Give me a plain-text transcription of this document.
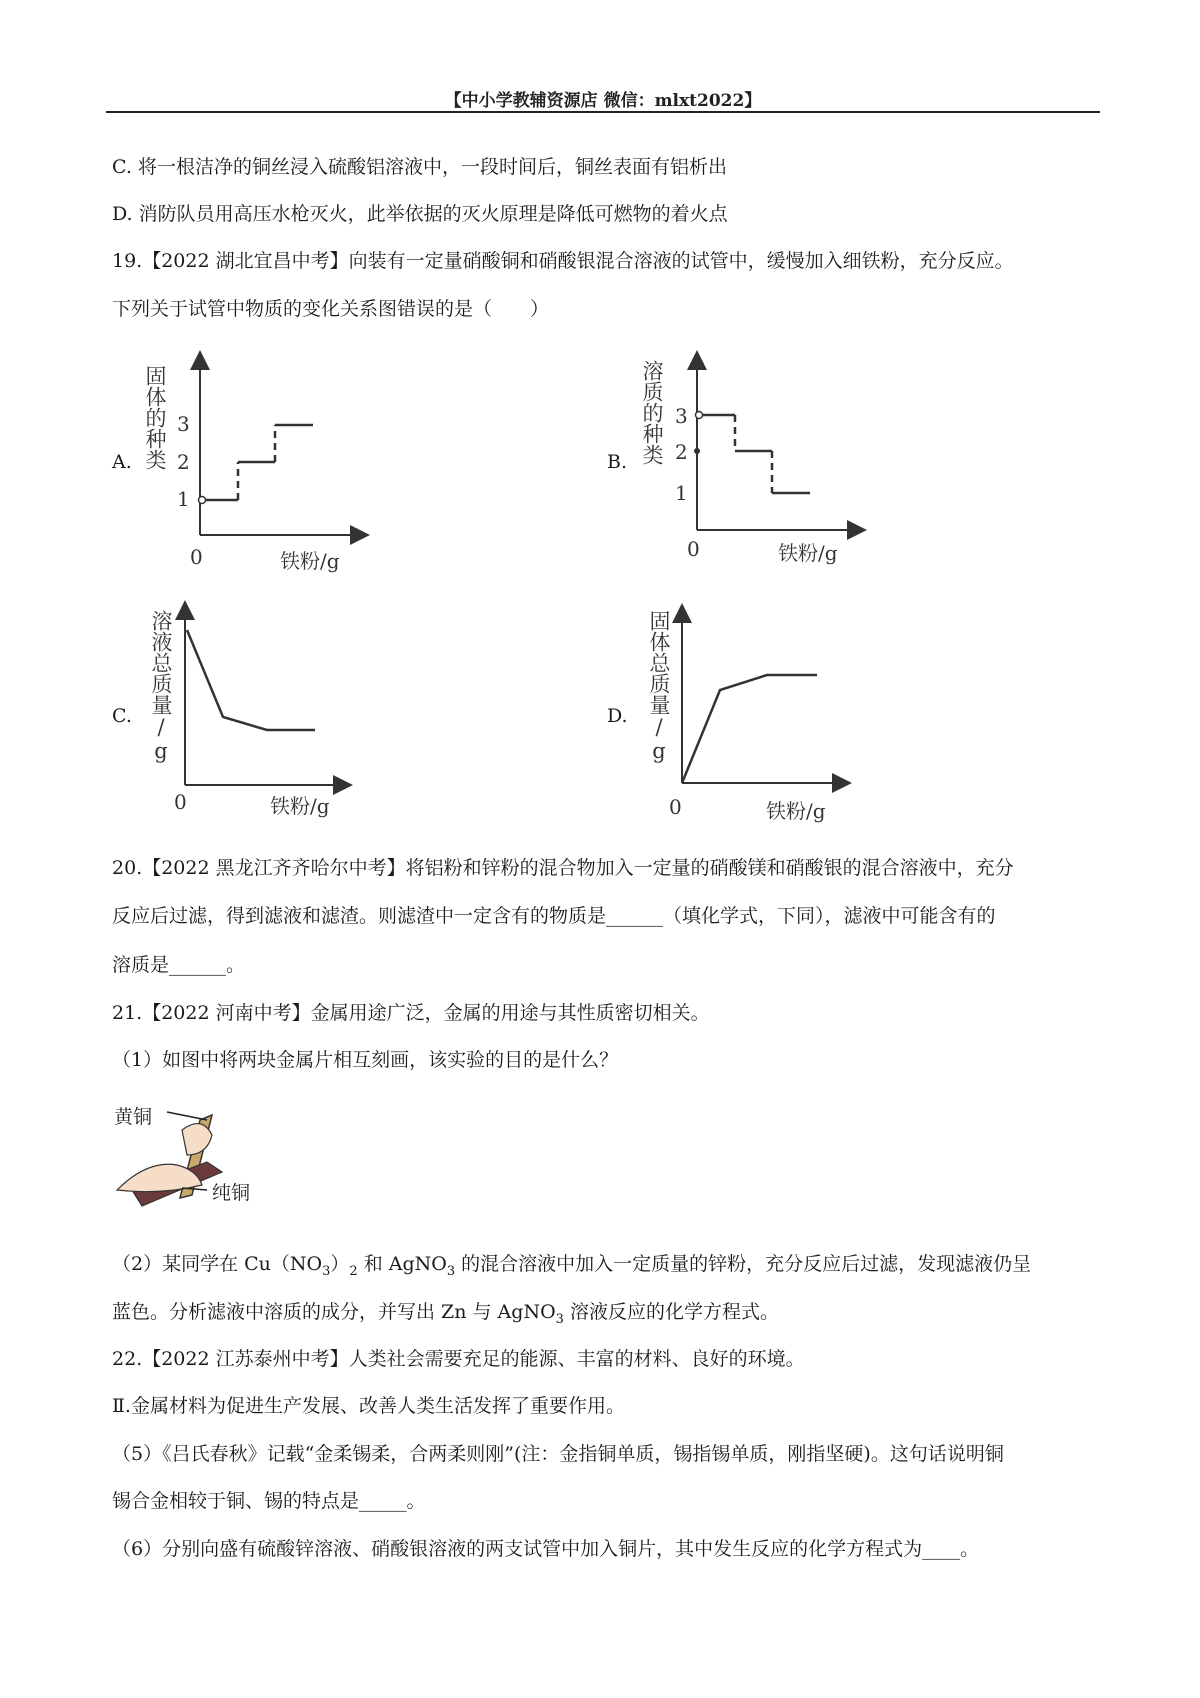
【中小学教辅资源店 微信：mlxt2022】
C. 将一根洁净的铜丝浸入硫酸铝溶液中，一段时间后，铜丝表面有铝析出
D. 消防队员用高压水枪灭火，此举依据的灭火原理是降低可燃物的着火点
19.【2022 湖北宜昌中考】向装有一定量硝酸铜和硝酸银混合溶液的试管中，缓慢加入细铁粉，充分反应。
下列关于试管中物质的变化关系图错误的是（　　）
A. 固体的种类
1
2
3
0	铁粉/g
B. 溶质的种类
1
2
3
0	铁粉/g
C. 溶液总质量/g
0	铁粉/g
D. 固体总质量/g
0	铁粉/g
20.【2022 黑龙江齐齐哈尔中考】将铝粉和锌粉的混合物加入一定量的硝酸镁和硝酸银的混合溶液中，充分
反应后过滤，得到滤液和滤渣。则滤渣中一定含有的物质是______（填化学式，下同），滤液中可能含有的
溶质是______。
21.【2022 河南中考】金属用途广泛，金属的用途与其性质密切相关。
（1）如图中将两块金属片相互刻画，该实验的目的是什么？
黄铜
纯铜
（2）某同学在 $Cu(NO_3)_2$ 和 AgNO$_3$ 的混合溶液中加入一定质量的锌粉，充分反应后过滤，发现滤液仍呈
蓝色。分析滤液中溶质的成分，并写出 Zn 与 AgNO$_3$ 溶液反应的化学方程式。
22.【2022 江苏泰州中考】人类社会需要充足的能源、丰富的材料、良好的环境。
Ⅱ.金属材料为促进生产发展、改善人类生活发挥了重要作用。
（5）《吕氏春秋》记载“金柔锡柔，合两柔则刚”(注：金指铜单质，锡指锡单质，刚指坚硬)。这句话说明铜
锡合金相较于铜、锡的特点是_____。
（6）分别向盛有硫酸锌溶液、硝酸银溶液的两支试管中加入铜片，其中发生反应的化学方程式为____。
